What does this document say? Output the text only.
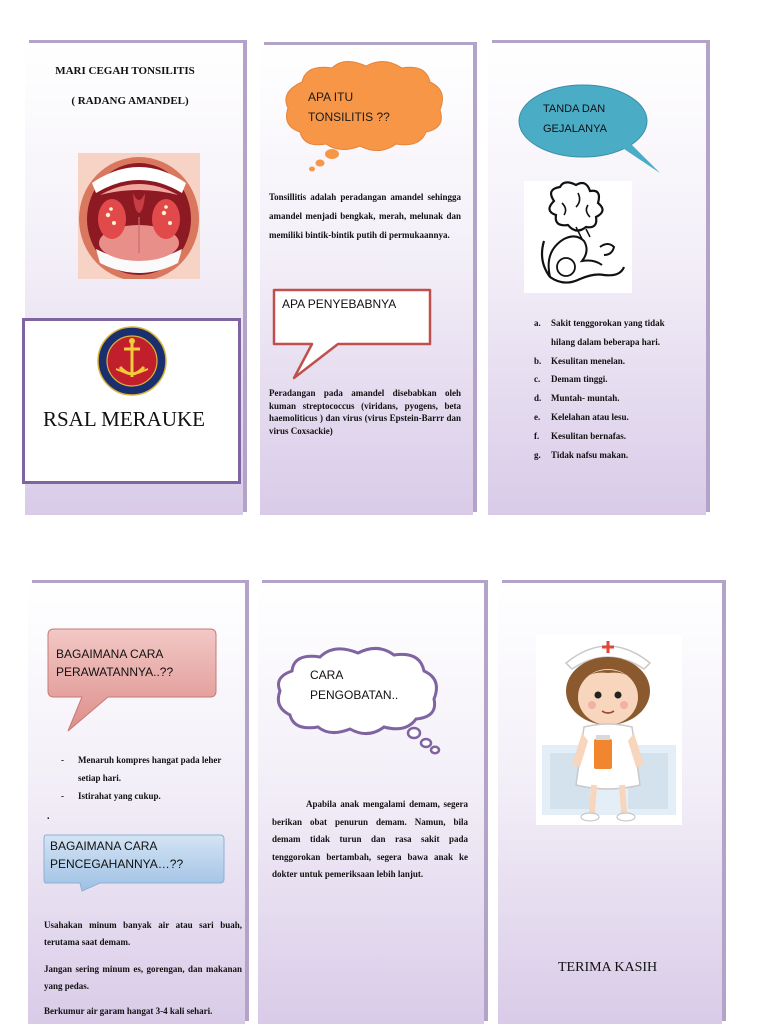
MARI CEGAH TONSILITIS
( RADANG AMANDEL)
RSAL MERAUKE
APA ITU TONSILITIS ??
Tonsillitis adalah peradangan amandel sehingga amandel menjadi bengkak, merah, melunak dan memiliki bintik-bintik putih di permukaannya.
APA PENYEBABNYA
Peradangan pada amandel disebabkan oleh kuman streptococcus (viridans, pyogens, beta haemoliticus ) dan virus (virus Epstein-Barrr dan virus Coxsackie)
TANDA DAN GEJALANYA
a. Sakit tenggorokan yang tidak
hilang dalam beberapa hari.
b. Kesulitan menelan.
c. Demam tinggi.
d. Muntah- muntah.
e. Kelelahan atau lesu.
f. Kesulitan bernafas.
g. Tidak nafsu makan.
BAGAIMANA CARA PERAWATANNYA..??
- Menaruh kompres hangat pada leher setiap hari.
- Istirahat yang cukup.
.
BAGAIMANA CARA PENCEGAHANNYA…??
Usahakan minum banyak air atau sari buah, terutama saat demam.
Jangan sering minum es, gorengan, dan makanan yang pedas.
Berkumur air garam hangat 3-4 kali sehari.
CARA PENGOBATAN..
Apabila anak mengalami demam, segera berikan obat penurun demam. Namun, bila demam tidak turun dan rasa sakit pada tenggorokan bertambah, segera bawa anak ke dokter untuk pemeriksaan lebih lanjut.
TERIMA KASIH
